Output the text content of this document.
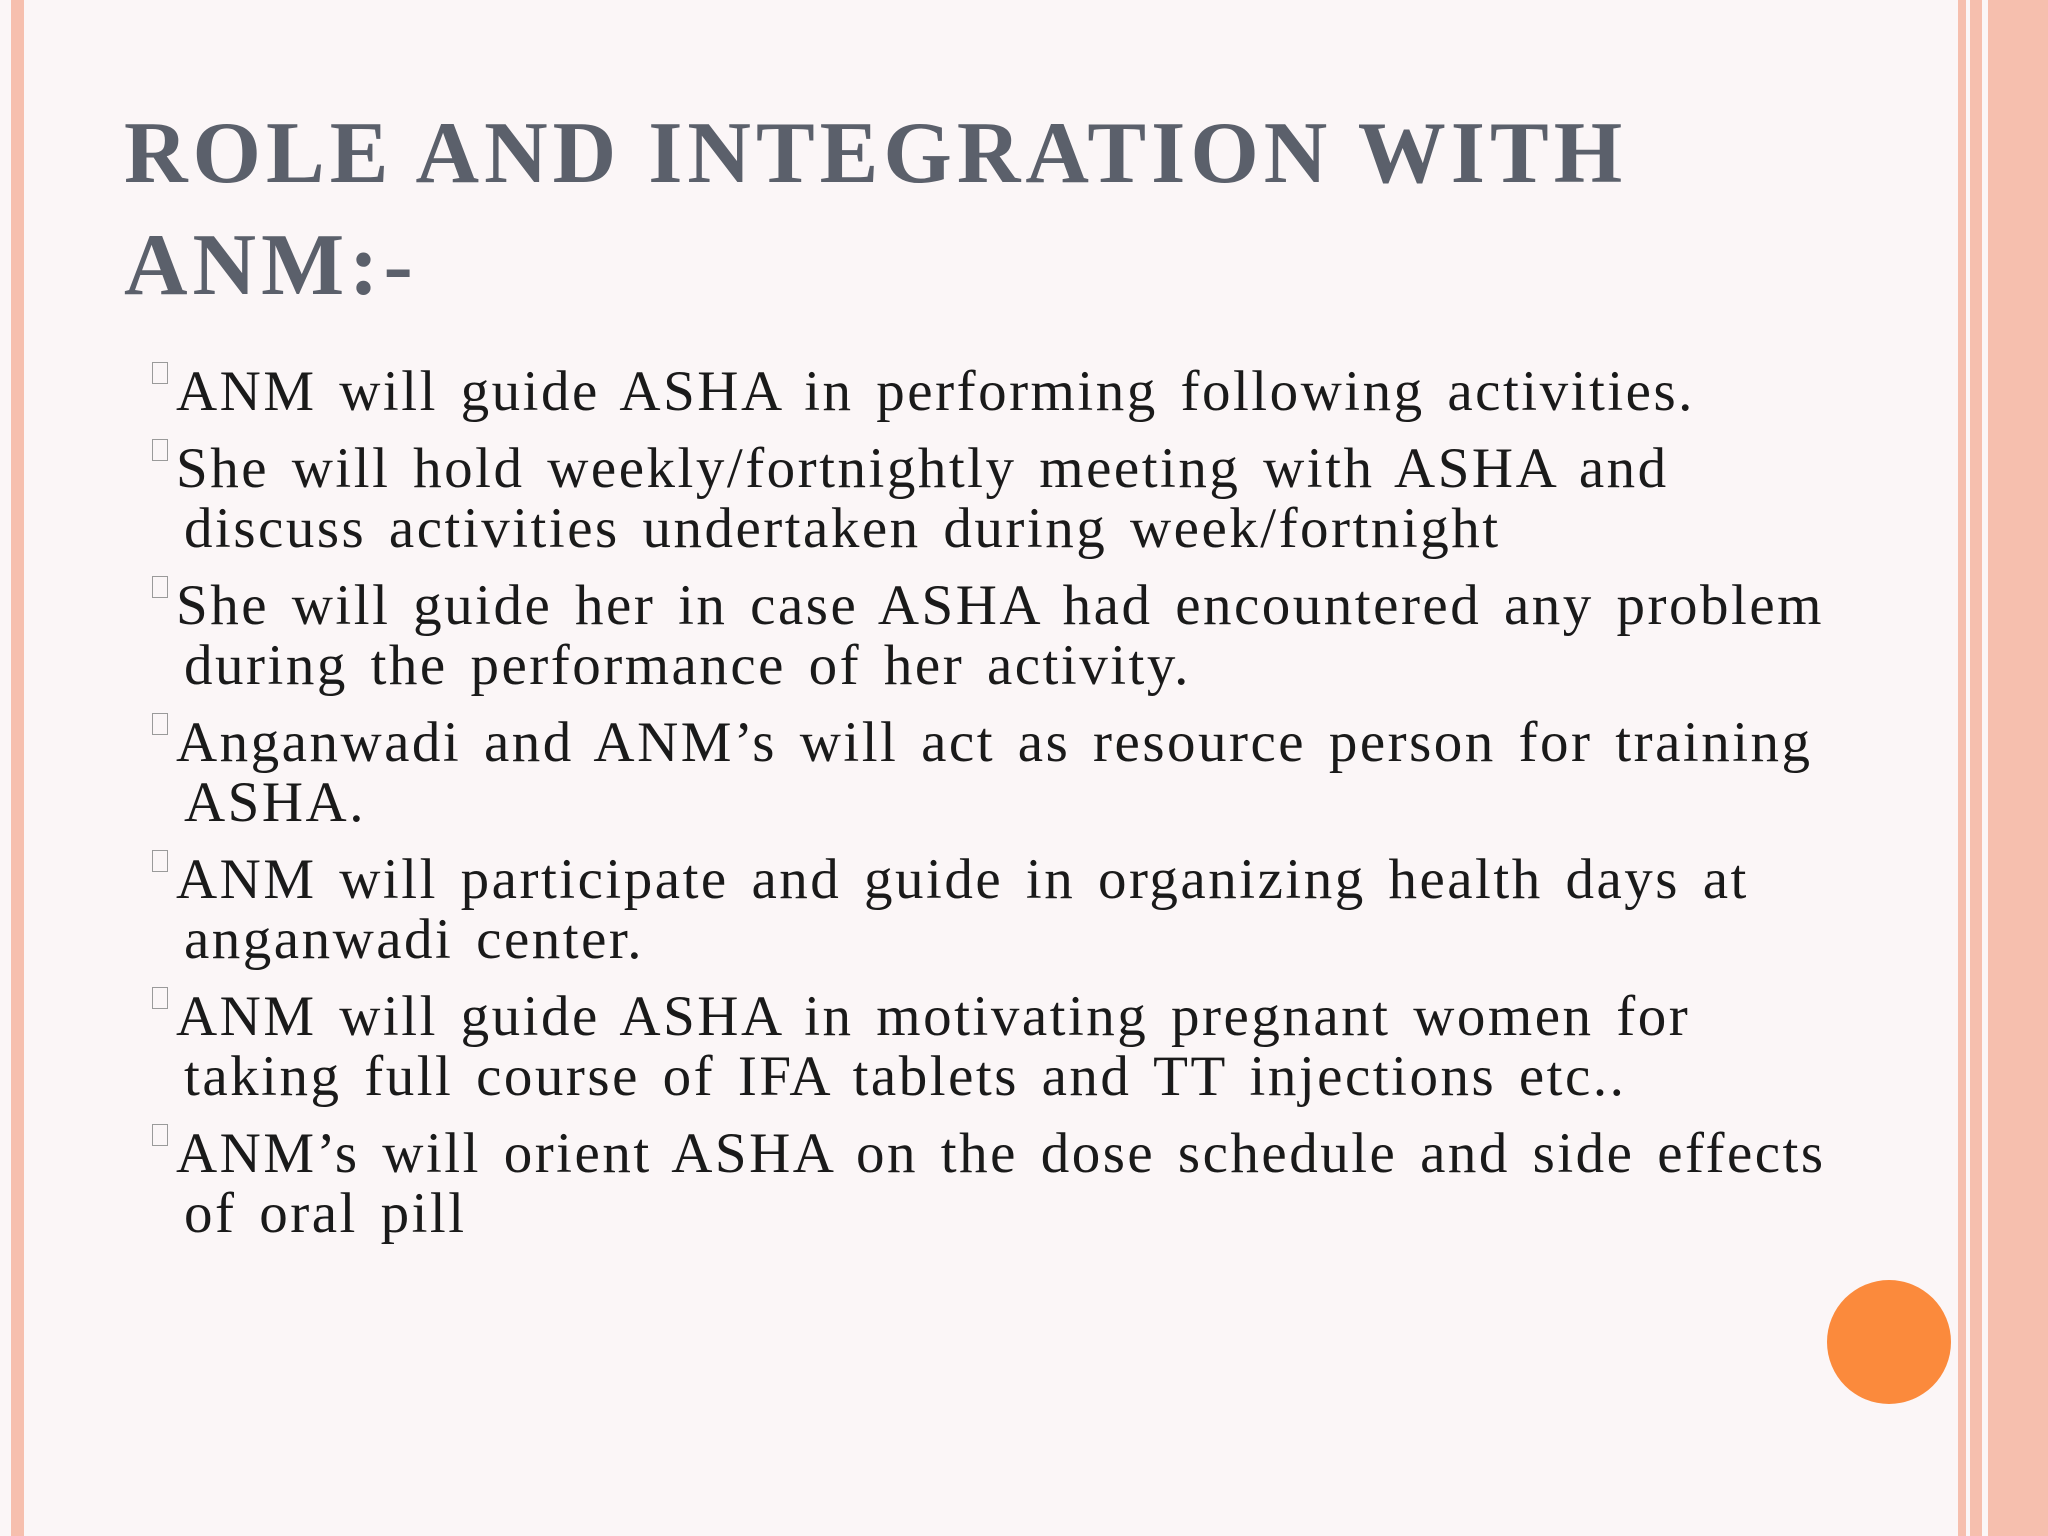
ROLE AND INTEGRATION WITH ANM:-
ANM will guide ASHA in performing following activities.
She will hold weekly/fortnightly meeting with ASHA and discuss activities undertaken during week/fortnight
She will guide her in case ASHA had encountered any problem during the performance of her activity.
Anganwadi and ANM’s will act as resource person for training ASHA.
ANM will participate and guide in organizing health days at anganwadi center.
ANM will guide ASHA in motivating pregnant women for taking full course of IFA tablets and TT injections etc..
ANM’s will orient ASHA on the dose schedule and side effects of oral pill
